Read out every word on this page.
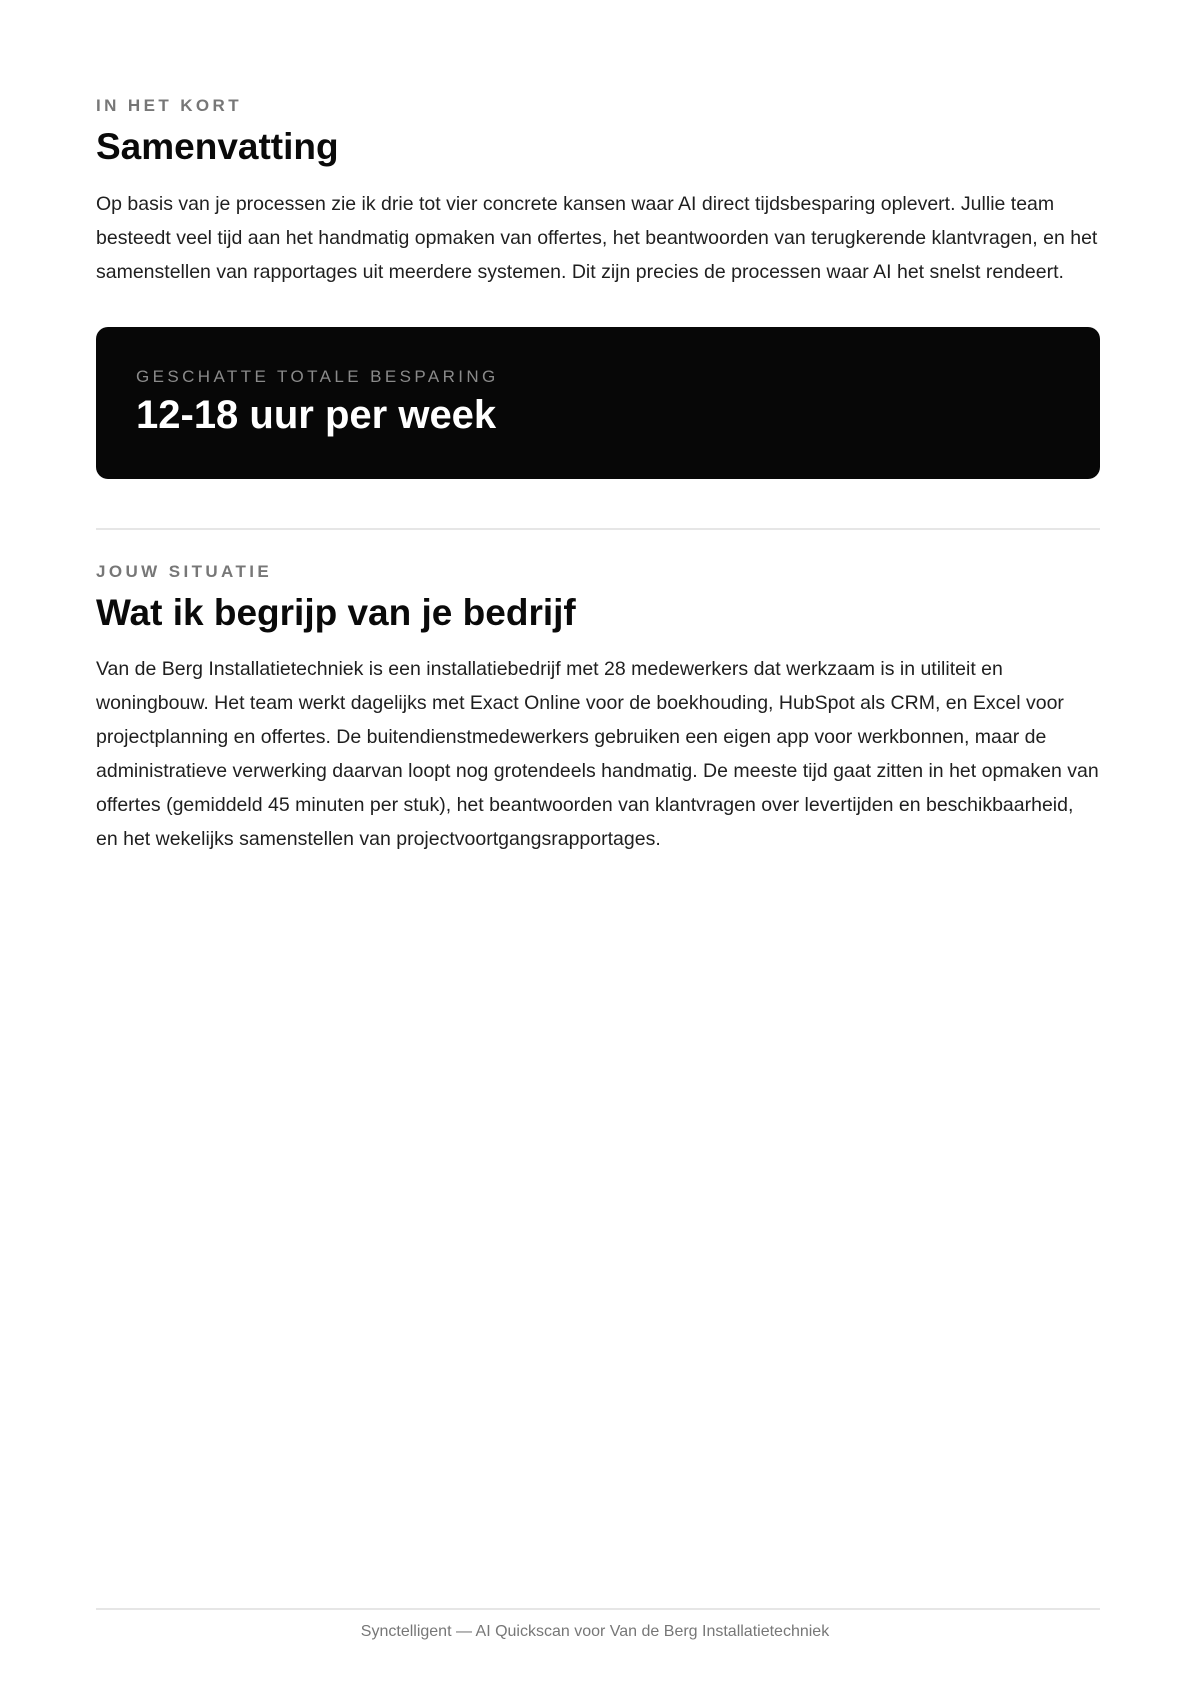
IN HET KORT
Samenvatting

Op basis van je processen zie ik drie tot vier concrete kansen waar AI direct tijdsbesparing oplevert. Jullie team besteedt veel tijd aan het handmatig opmaken van offertes, het beantwoorden van terugkerende klantvragen, en het samenstellen van rapportages uit meerdere systemen. Dit zijn precies de processen waar AI het snelst rendeert.

GESCHATTE TOTALE BESPARING
12-18 uur per week
JOUW SITUATIE
Wat ik begrijp van je bedrijf

Van de Berg Installatietechniek is een installatiebedrijf met 28 medewerkers dat werkzaam is in utiliteit en woningbouw. Het team werkt dagelijks met Exact Online voor de boekhouding, HubSpot als CRM, en Excel voor projectplanning en offertes. De buitendienstmedewerkers gebruiken een eigen app voor werkbonnen, maar de administratieve verwerking daarvan loopt nog grotendeels handmatig. De meeste tijd gaat zitten in het opmaken van offertes (gemiddeld 45 minuten per stuk), het beantwoorden van klantvragen over levertijden en beschikbaarheid, en het wekelijks samenstellen van projectvoortgangsrapportages.

Synctelligent — AI Quickscan voor Van de Berg Installatietechniek
